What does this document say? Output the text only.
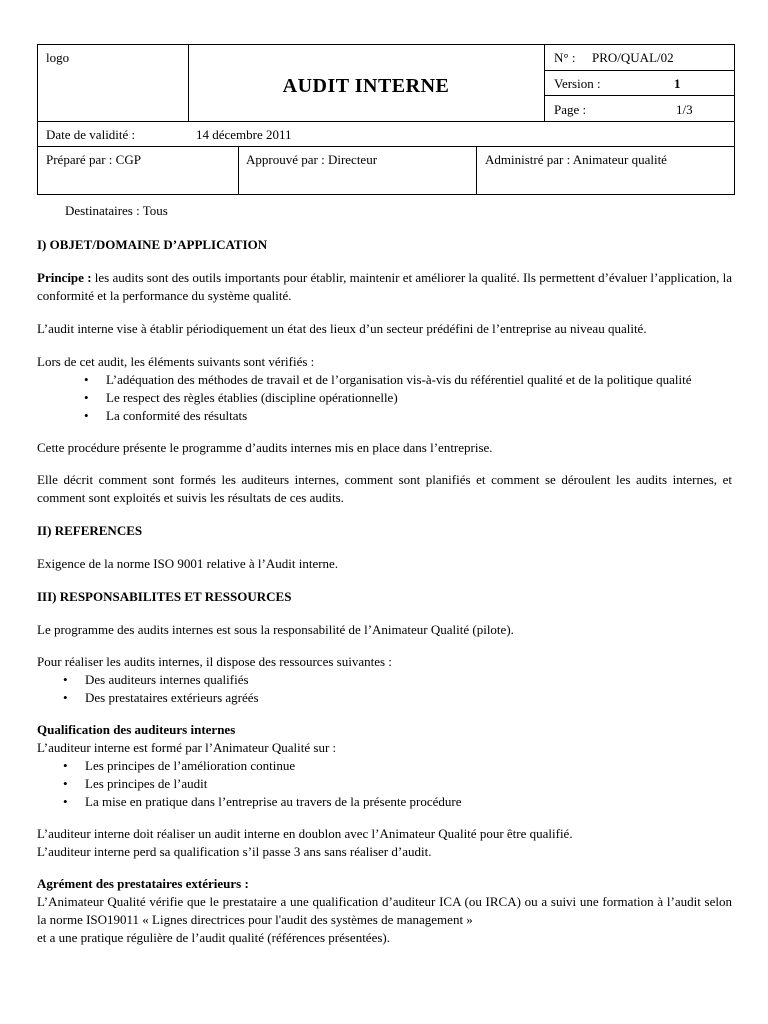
logo
AUDIT INTERNE
N° : PRO/QUAL/02
Version :	1
Page :	1/3
Date de validité :	14 décembre 2011
Préparé par : CGP	Approuvé par : Directeur	Administré par : Animateur qualité

Destinataires : Tous

I) OBJET/DOMAINE D’APPLICATION

Principe : les audits sont des outils importants pour établir, maintenir et améliorer la qualité. Ils permettent d’évaluer l’application, la conformité et la performance du système qualité.

L’audit interne vise à établir périodiquement un état des lieux d’un secteur prédéfini de l’entreprise au niveau qualité.

Lors de cet audit, les éléments suivants sont vérifiés :

• L’adéquation des méthodes de travail et de l’organisation vis-à-vis du référentiel qualité et de la politique qualité
• Le respect des règles établies (discipline opérationnelle)
• La conformité des résultats

Cette procédure présente le programme d’audits internes mis en place dans l’entreprise.

Elle décrit comment sont formés les auditeurs internes, comment sont planifiés et comment se déroulent les audits internes, et comment sont exploités et suivis les résultats de ces audits.

II) REFERENCES

Exigence de la norme ISO 9001 relative à l’Audit interne.

III) RESPONSABILITES ET RESSOURCES

Le programme des audits internes est sous la responsabilité de l’Animateur Qualité (pilote).

Pour réaliser les audits internes, il dispose des ressources suivantes :

• Des auditeurs internes qualifiés
• Des prestataires extérieurs agréés

Qualification des auditeurs internes

L’auditeur interne est formé par l’Animateur Qualité sur :

• Les principes de l’amélioration continue
• Les principes de l’audit
• La mise en pratique dans l’entreprise au travers de la présente procédure

L’auditeur interne doit réaliser un audit interne en doublon avec l’Animateur Qualité pour être qualifié.

L’auditeur interne perd sa qualification s’il passe 3 ans sans réaliser d’audit.

Agrément des prestataires extérieurs :

L’Animateur Qualité vérifie que le prestataire a une qualification d’auditeur ICA (ou IRCA) ou a suivi une formation à l’audit selon la norme ISO19011 « Lignes directrices pour l'audit des systèmes de management »

et a une pratique régulière de l’audit qualité (références présentées).
